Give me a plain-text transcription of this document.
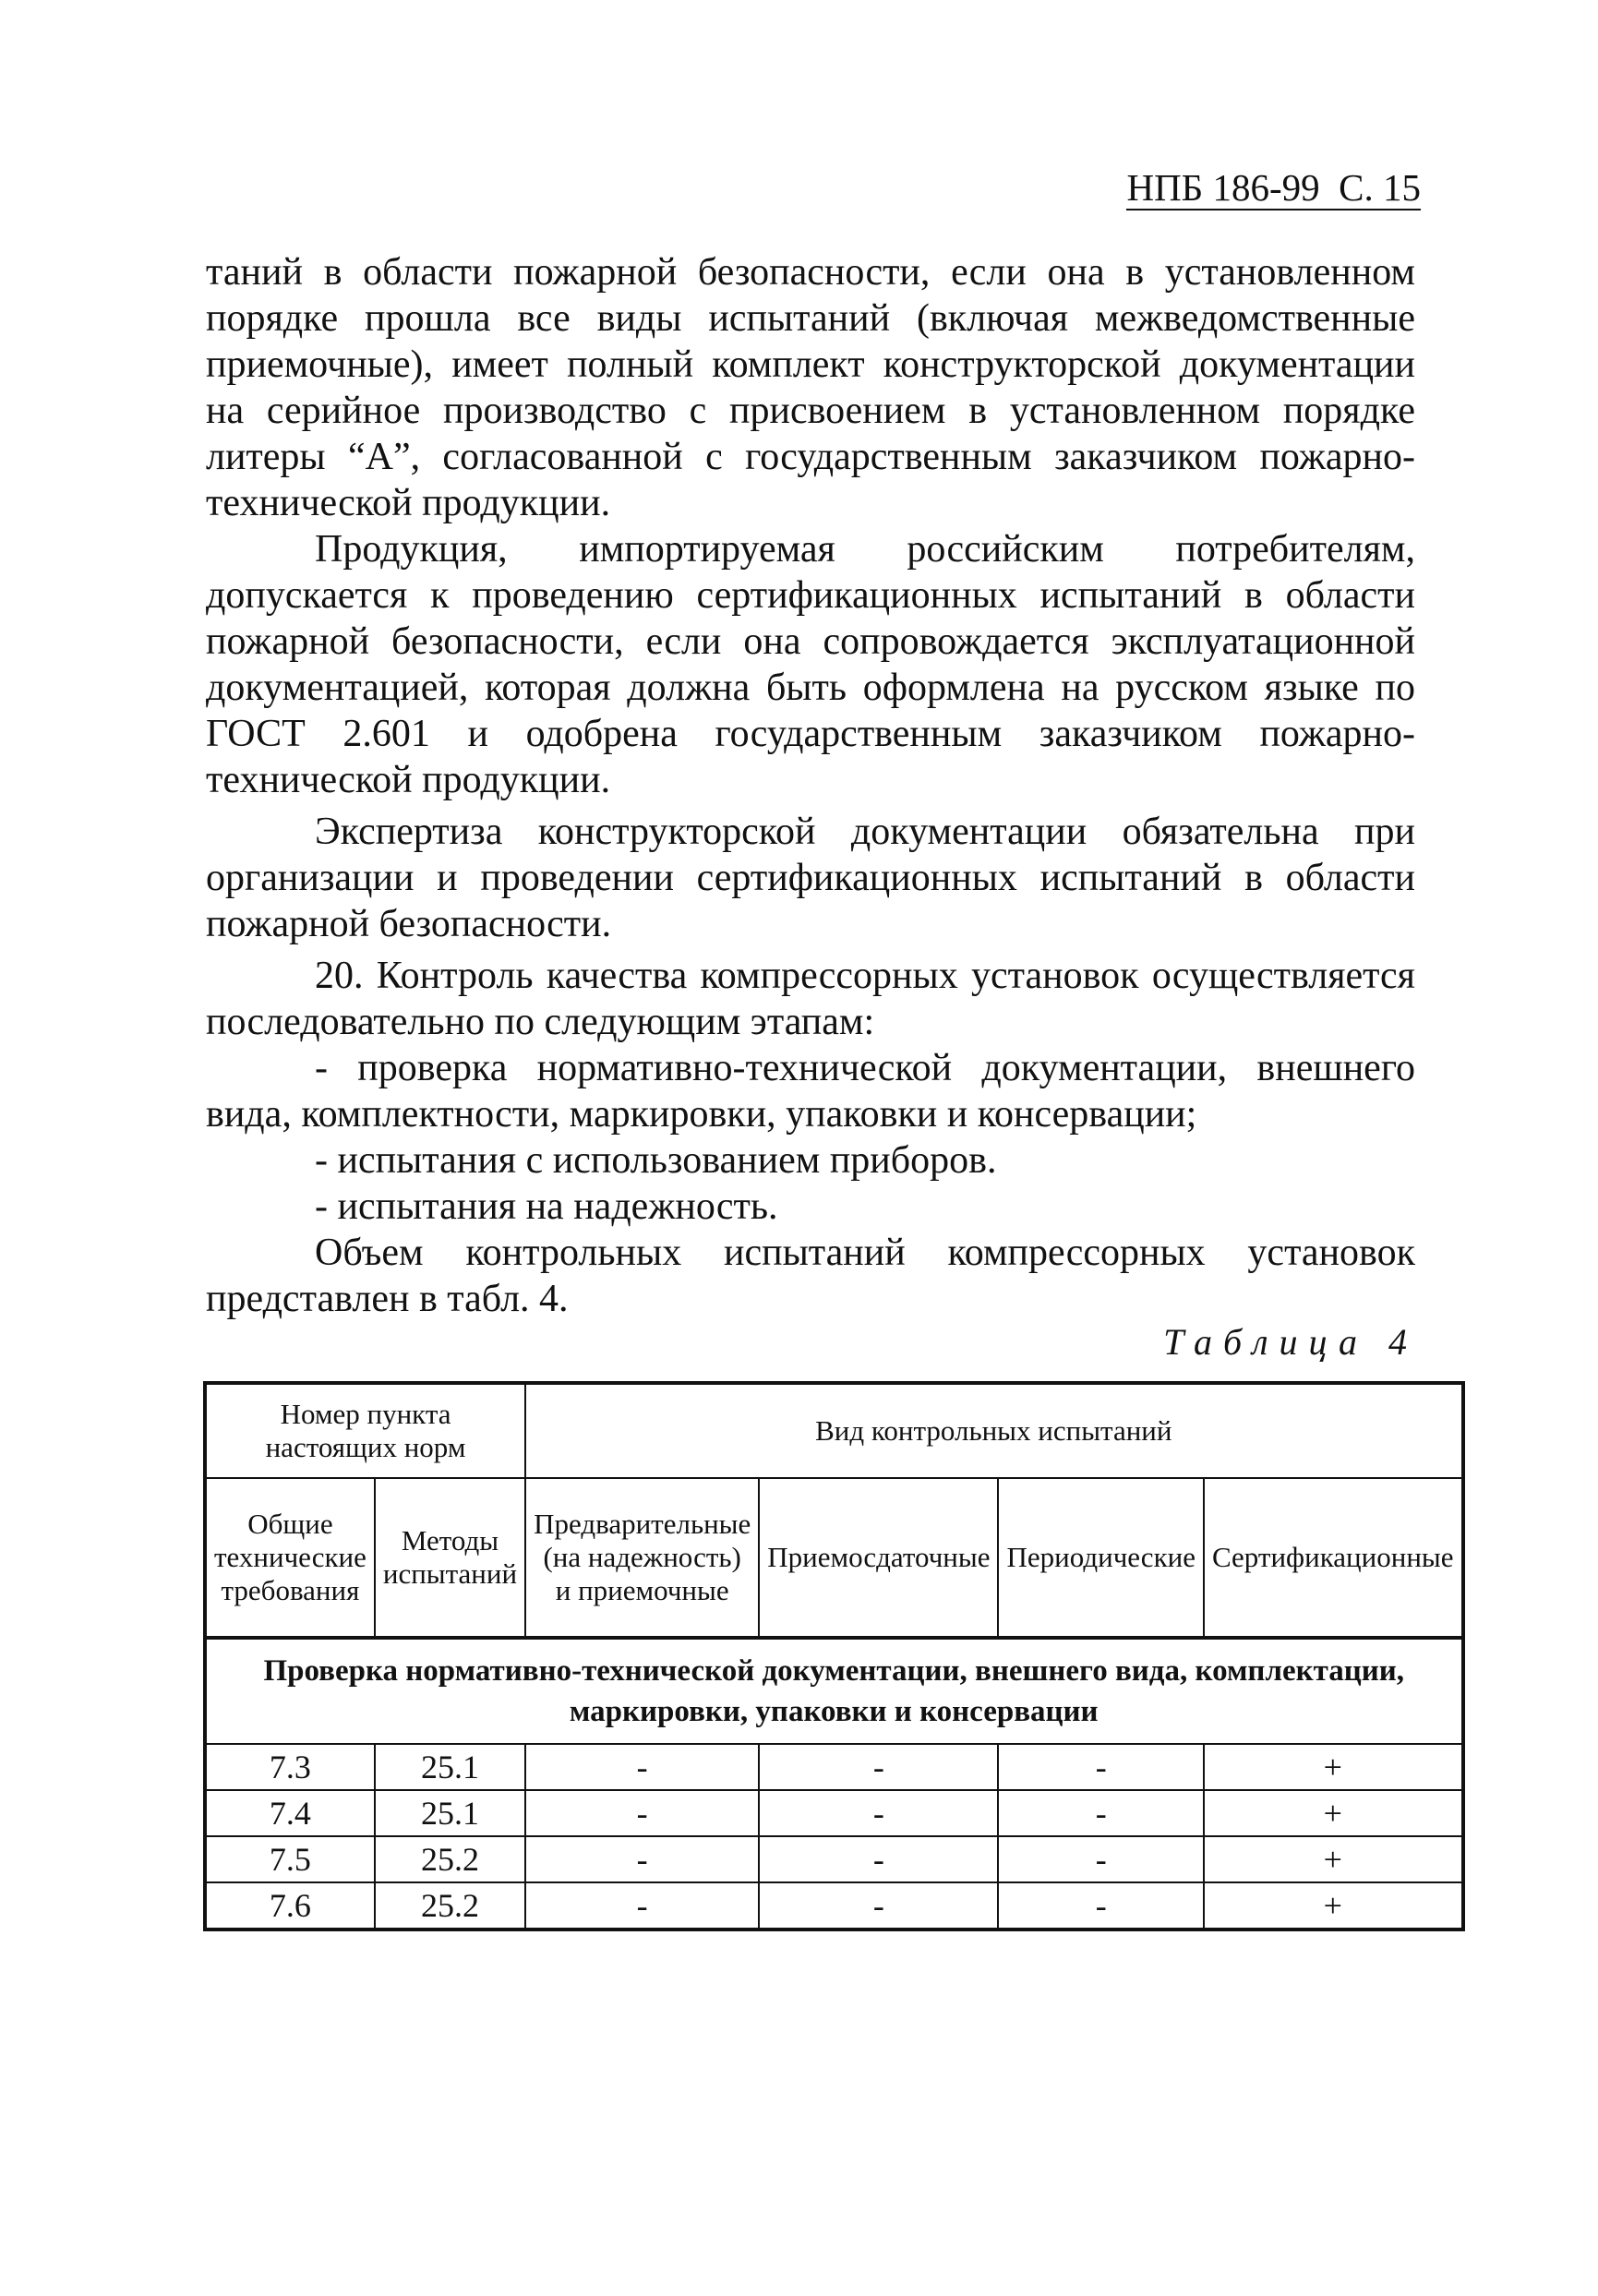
НПБ 186-99 С. 15

таний в области пожарной безопасности, если она в установленном порядке прошла все виды испытаний (включая межведомственные приемочные), имеет полный комплект конструкторской документации на серийное производство с присвоением в установленном порядке литеры “А”, согласованной с государственным заказчиком пожарно-технической продукции.

Продукция, импортируемая российским потребителям, допускается к проведению сертификационных испытаний в области пожарной безопасности, если она сопровождается эксплуатационной документацией, которая должна быть оформлена на русском языке по ГОСТ 2.601 и одобрена государственным заказчиком пожарно-технической продукции.

Экспертиза конструкторской документации обязательна при организации и проведении сертификационных испытаний в области пожарной безопасности.

20. Контроль качества компрессорных установок осуществляется последовательно по следующим этапам:

- проверка нормативно-технической документации, внешнего вида, комплектности, маркировки, упаковки и консервации;

- испытания с использованием приборов.

- испытания на надежность.

Объем контрольных испытаний компрессорных установок представлен в табл. 4.

Таблица 4
Номер пункта настоящих норм		Вид контрольных испытаний			
Общие технические требования	Методы испытаний	Предварительные (на надежность) и приемочные	Приемосдаточные	Периодические	Сертификационные
Проверка нормативно-технической документации, внешнего вида, комплектации, маркировки, упаковки и консервации					
7.3	25.1	-	-	-	+
7.4	25.1	-	-	-	+
7.5	25.2	-	-	-	+
7.6	25.2	-	-	-	+
